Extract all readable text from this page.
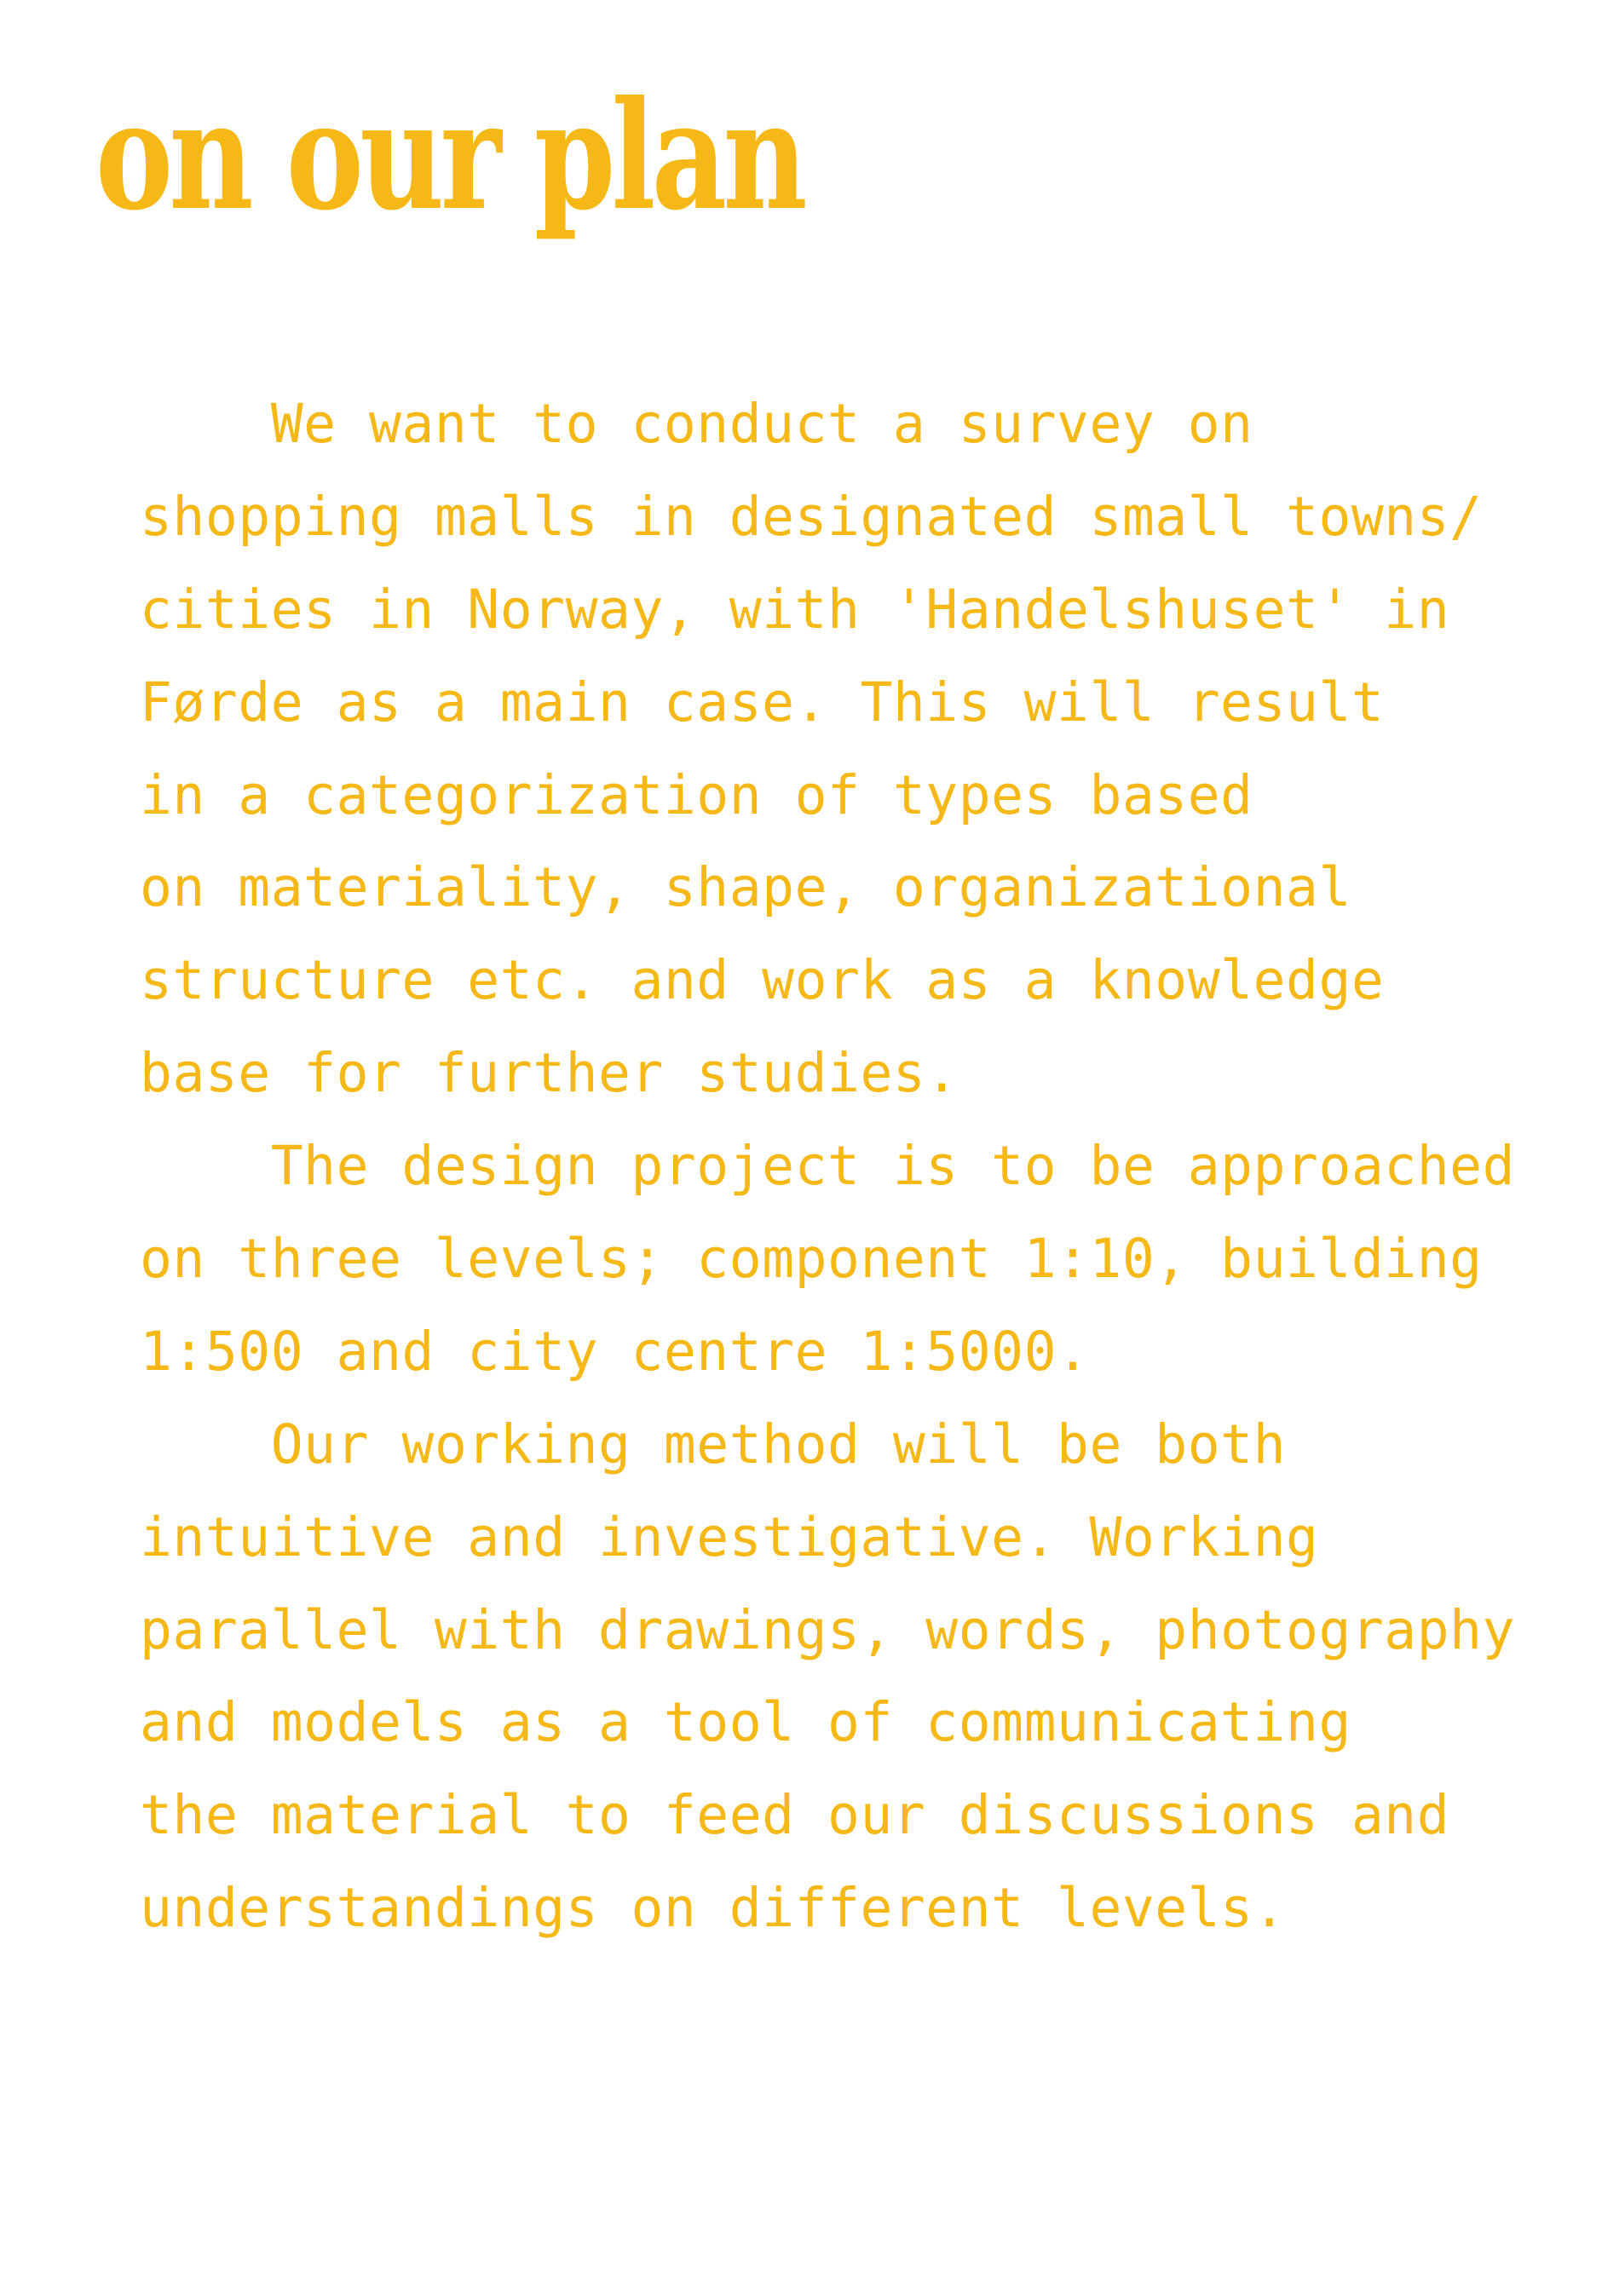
on our plan
We want to conduct a survey on
shopping malls in designated small towns/
cities in Norway, with 'Handelshuset' in
Førde as a main case. This will result
in a categorization of types based
on materiality, shape, organizational
structure etc. and work as a knowledge
base for further studies.
The design project is to be approached
on three levels; component 1:10, building
1:500 and city centre 1:5000.
Our working method will be both
intuitive and investigative. Working
parallel with drawings, words, photography
and models as a tool of communicating
the material to feed our discussions and
understandings on different levels.
